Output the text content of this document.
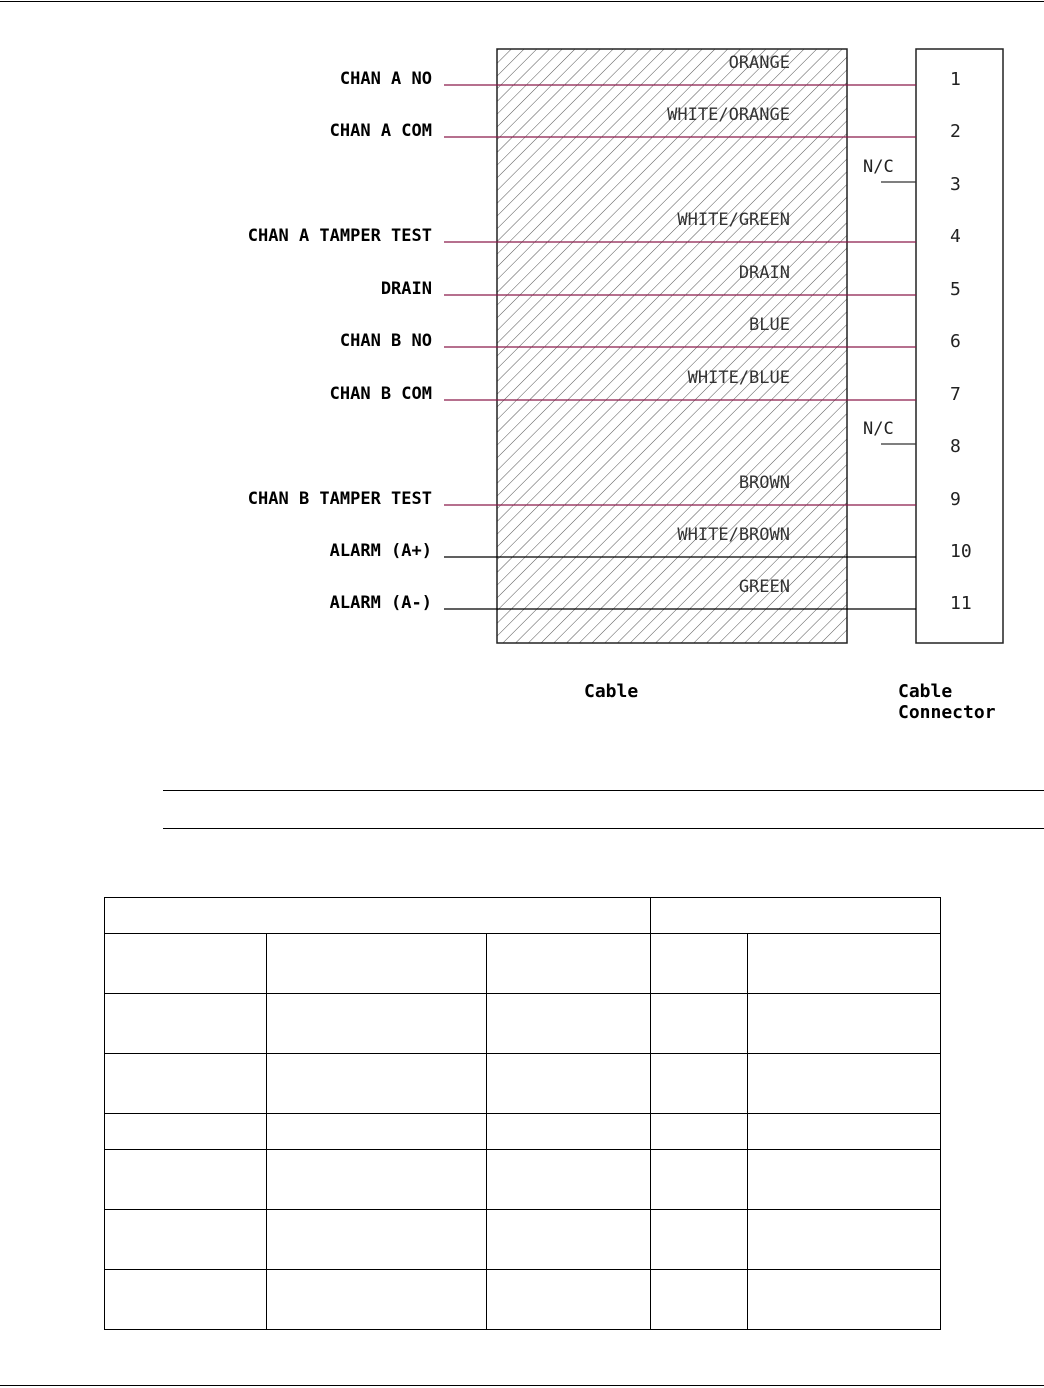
CHAN A NO
ORANGE
1
CHAN A COM
WHITE/ORANGE
2
CHAN A TAMPER TEST
WHITE/GREEN
4
DRAIN
DRAIN
5
CHAN B NO
BLUE
6
CHAN B COM
WHITE/BLUE
7
CHAN B TAMPER TEST
BROWN
9
ALARM (A+)
WHITE/BROWN
10
ALARM (A-)
GREEN
11
N/C
3
N/C
8
Cable	Cable
Connector
